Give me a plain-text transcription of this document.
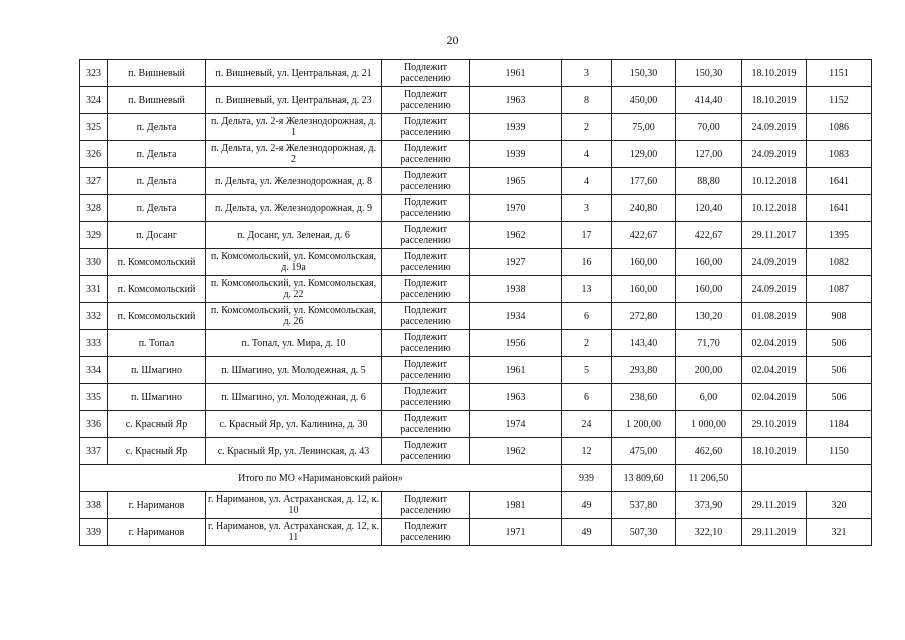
20
323	п. Вишневый	п. Вишневый, ул. Центральная, д. 21	Подлежит расселению	1961	3	150,30	150,30	18.10.2019	1151
324	п. Вишневый	п. Вишневый, ул. Центральная, д. 23	Подлежит расселению	1963	8	450,00	414,40	18.10.2019	1152
325	п. Дельта	п. Дельта, ул. 2-я Железнодорожная, д. 1	Подлежит расселению	1939	2	75,00	70,00	24.09.2019	1086
326	п. Дельта	п. Дельта, ул. 2-я Железнодорожная, д. 2	Подлежит расселению	1939	4	129,00	127,00	24.09.2019	1083
327	п. Дельта	п. Дельта, ул. Железнодорожная, д. 8	Подлежит расселению	1965	4	177,60	88,80	10.12.2018	1641
328	п. Дельта	п. Дельта, ул. Железнодорожная, д. 9	Подлежит расселению	1970	3	240,80	120,40	10.12.2018	1641
329	п. Досанг	п. Досанг, ул. Зеленая, д. 6	Подлежит расселению	1962	17	422,67	422,67	29.11.2017	1395
330	п. Комсомольский	п. Комсомольский, ул. Комсомольская, д. 19а	Подлежит расселению	1927	16	160,00	160,00	24.09.2019	1082
331	п. Комсомольский	п. Комсомольский, ул. Комсомольская, д. 22	Подлежит расселению	1938	13	160,00	160,00	24.09.2019	1087
332	п. Комсомольский	п. Комсомольский, ул. Комсомольская, д. 26	Подлежит расселению	1934	6	272,80	130,20	01.08.2019	908
333	п. Топал	п. Топал, ул. Мира, д. 10	Подлежит расселению	1956	2	143,40	71,70	02.04.2019	506
334	п. Шмагино	п. Шмагино, ул. Молодежная, д. 5	Подлежит расселению	1961	5	293,80	200,00	02.04.2019	506
335	п. Шмагино	п. Шмагино, ул. Молодежная, д. 6	Подлежит расселению	1963	6	238,60	6,00	02.04.2019	506
336	с. Красный Яр	с. Красный Яр, ул. Калинина, д. 30	Подлежит расселению	1974	24	1 200,00	1 000,00	29.10.2019	1184
337	с. Красный Яр	с. Красный Яр, ул. Ленинская, д. 43	Подлежит расселению	1962	12	475,00	462,60	18.10.2019	1150
Итого по МО «Наримановский район»					939	13 809,60	11 206,50		
338	г. Нариманов	г. Нариманов, ул. Астраханская, д. 12, к. 10	Подлежит расселению	1981	49	537,80	373,90	29.11.2019	320
339	г. Нариманов	г. Нариманов, ул. Астраханская, д. 12, к. 11	Подлежит расселению	1971	49	507,30	322,10	29.11.2019	321
